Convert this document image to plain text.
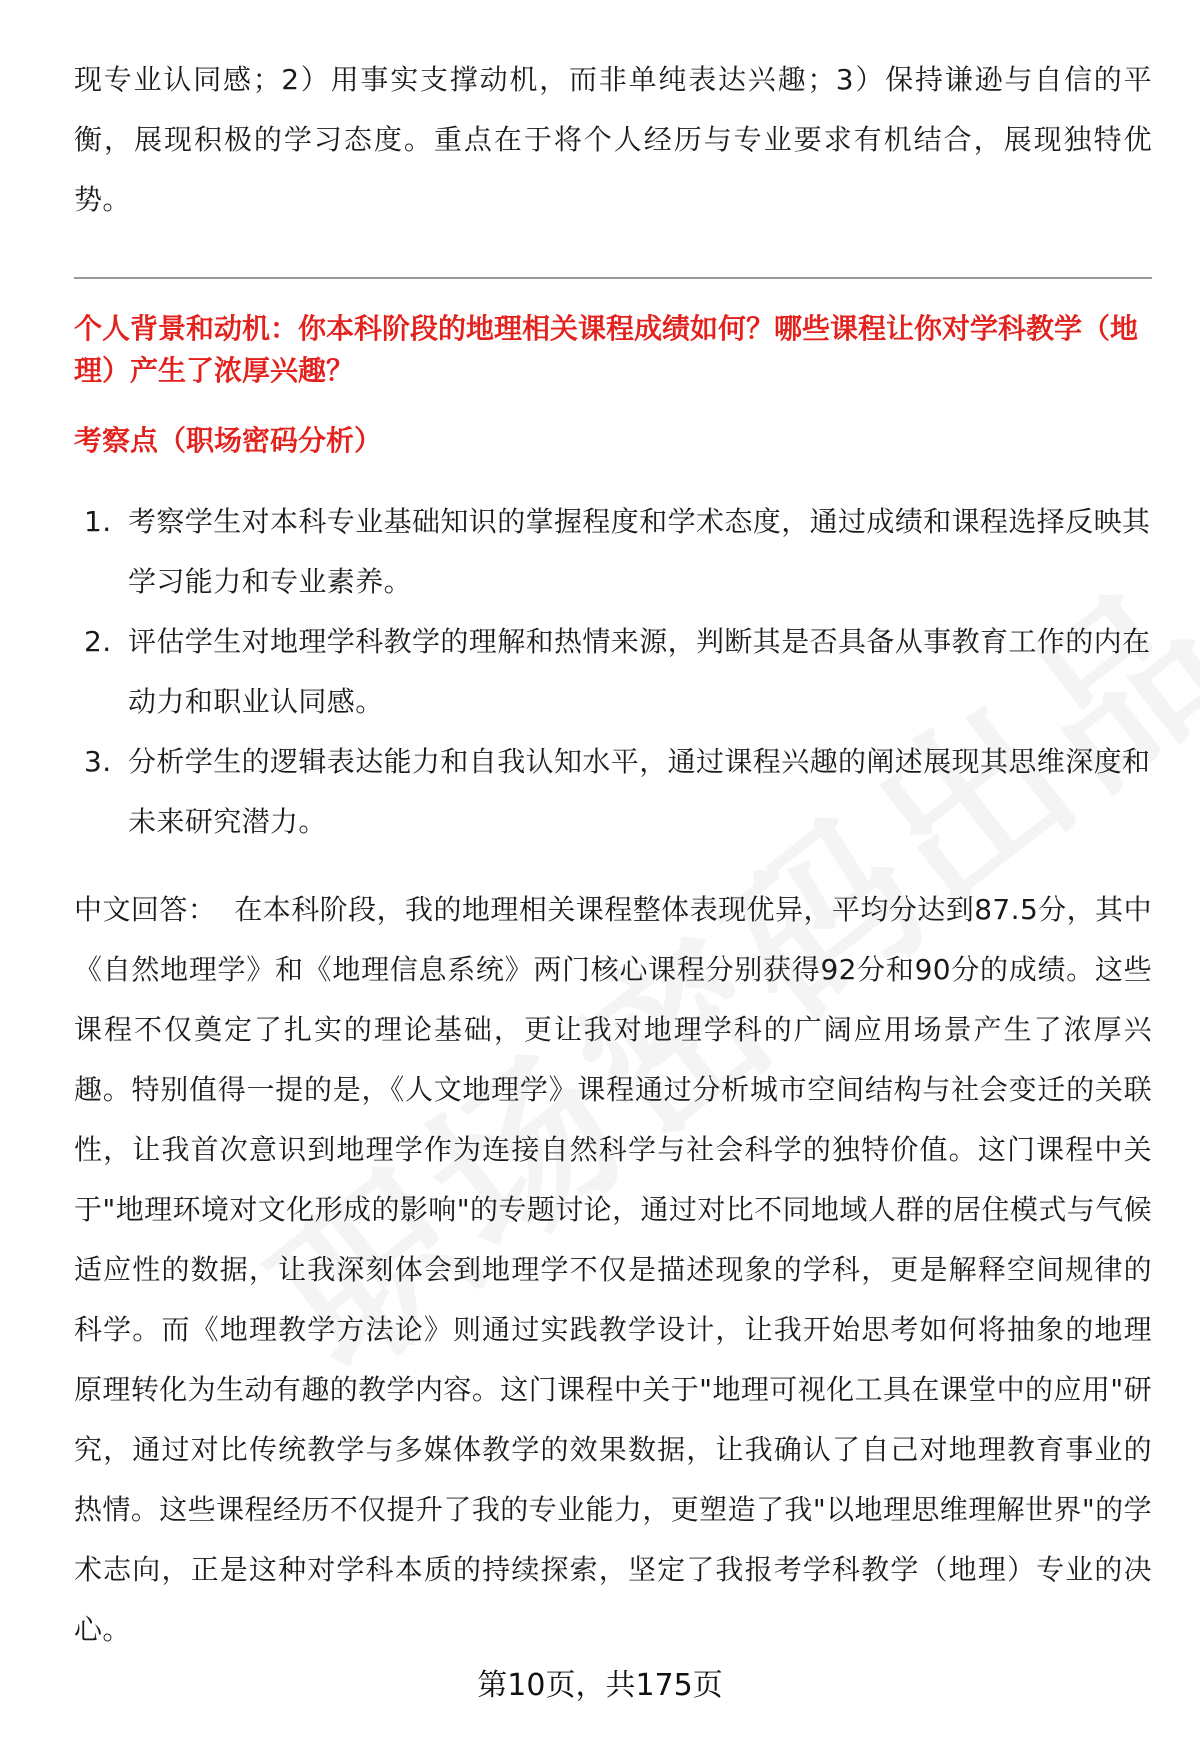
现专业认同感；2）用事实支撑动机，而非单纯表达兴趣；3）保持谦逊与自信的平衡，展现积极的学习态度。重点在于将个人经历与专业要求有机结合，展现独特优势。

个人背景和动机：你本科阶段的地理相关课程成绩如何？哪些课程让你对学科教学（地理）产生了浓厚兴趣？

考察点（职场密码分析）

1. 考察学生对本科专业基础知识的掌握程度和学术态度，通过成绩和课程选择反映其学习能力和专业素养。
2. 评估学生对地理学科教学的理解和热情来源，判断其是否具备从事教育工作的内在动力和职业认同感。
3. 分析学生的逻辑表达能力和自我认知水平，通过课程兴趣的阐述展现其思维深度和未来研究潜力。

中文回答： 在本科阶段，我的地理相关课程整体表现优异，平均分达到87.5分，其中《自然地理学》和《地理信息系统》两门核心课程分别获得92分和90分的成绩。这些课程不仅奠定了扎实的理论基础，更让我对地理学科的广阔应用场景产生了浓厚兴趣。特别值得一提的是，《人文地理学》课程通过分析城市空间结构与社会变迁的关联性，让我首次意识到地理学作为连接自然科学与社会科学的独特价值。这门课程中关于"地理环境对文化形成的影响"的专题讨论，通过对比不同地域人群的居住模式与气候适应性的数据，让我深刻体会到地理学不仅是描述现象的学科，更是解释空间规律的科学。而《地理教学方法论》则通过实践教学设计，让我开始思考如何将抽象的地理原理转化为生动有趣的教学内容。这门课程中关于"地理可视化工具在课堂中的应用"研究，通过对比传统教学与多媒体教学的效果数据，让我确认了自己对地理教育事业的热情。这些课程经历不仅提升了我的专业能力，更塑造了我"以地理思维理解世界"的学术志向，正是这种对学科本质的持续探索，坚定了我报考学科教学（地理）专业的决心。

第10页，共175页
